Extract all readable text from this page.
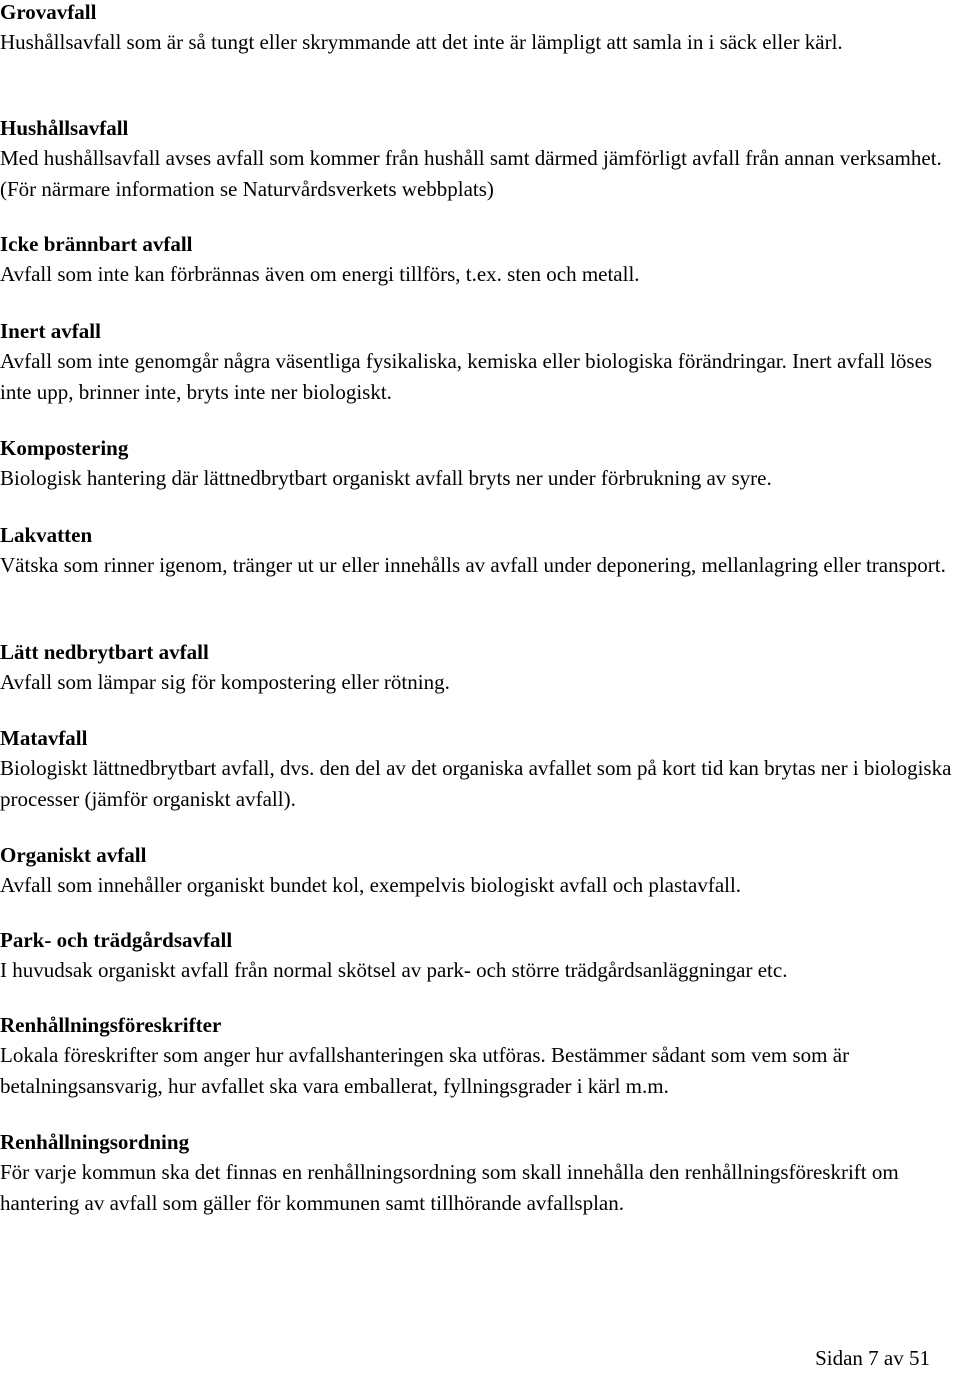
Grovavfall

Hushållsavfall som är så tungt eller skrymmande att det inte är lämpligt att samla in i säck eller kärl.

Hushållsavfall

Med hushållsavfall avses avfall som kommer från hushåll samt därmed jämförligt avfall från annan verksamhet. (För närmare information se Naturvårdsverkets webbplats)

Icke brännbart avfall

Avfall som inte kan förbrännas även om energi tillförs, t.ex. sten och metall.

Inert avfall

Avfall som inte genomgår några väsentliga fysikaliska, kemiska eller biologiska förändringar. Inert avfall löses inte upp, brinner inte, bryts inte ner biologiskt.

Kompostering

Biologisk hantering där lättnedbrytbart organiskt avfall bryts ner under förbrukning av syre.

Lakvatten

Vätska som rinner igenom, tränger ut ur eller innehålls av avfall under deponering, mellanlagring eller transport.

Lätt nedbrytbart avfall

Avfall som lämpar sig för kompostering eller rötning.

Matavfall

Biologiskt lättnedbrytbart avfall, dvs. den del av det organiska avfallet som på kort tid kan brytas ner i biologiska processer (jämför organiskt avfall).

Organiskt avfall

Avfall som innehåller organiskt bundet kol, exempelvis biologiskt avfall och plastavfall.

Park- och trädgårdsavfall

I huvudsak organiskt avfall från normal skötsel av park- och större trädgårdsanläggningar etc.

Renhållningsföreskrifter

Lokala föreskrifter som anger hur avfallshanteringen ska utföras. Bestämmer sådant som vem som är betalningsansvarig, hur avfallet ska vara emballerat, fyllningsgrader i kärl m.m.

Renhållningsordning

För varje kommun ska det finnas en renhållningsordning som skall innehålla den renhållningsföreskrift om hantering av avfall som gäller för kommunen samt tillhörande avfallsplan.

Sidan 7 av 51
